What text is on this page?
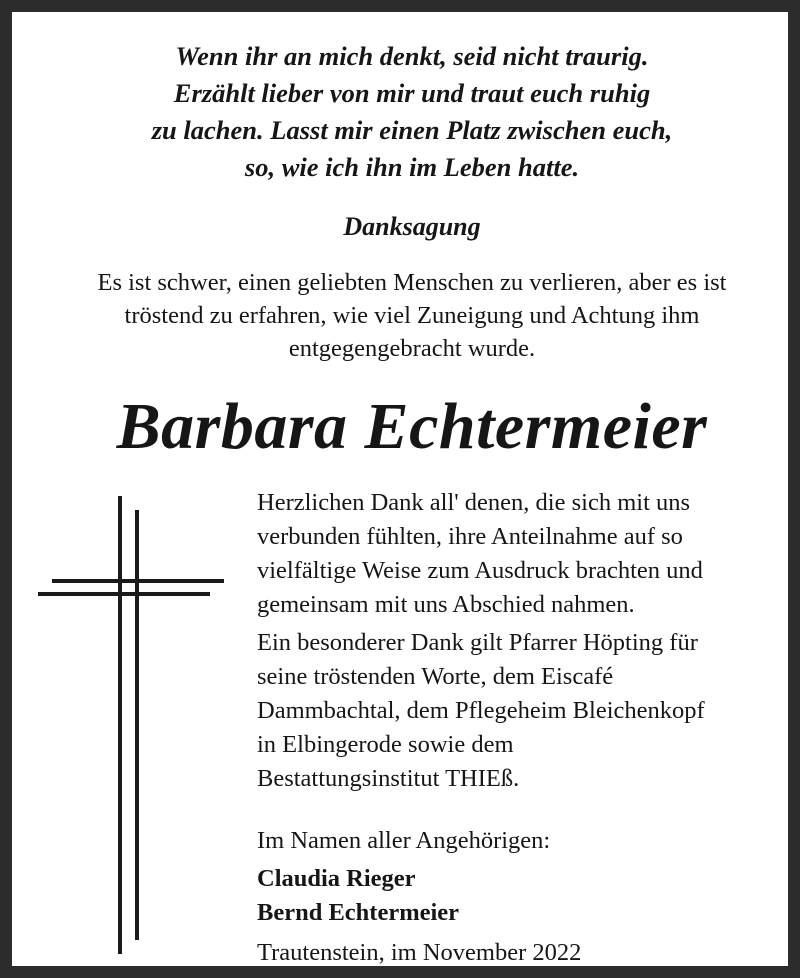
Wenn ihr an mich denkt, seid nicht traurig.
Erzählt lieber von mir und traut euch ruhig
zu lachen. Lasst mir einen Platz zwischen euch,
so, wie ich ihn im Leben hatte.
Danksagung
Es ist schwer, einen geliebten Menschen zu verlieren, aber es ist
tröstend zu erfahren, wie viel Zuneigung und Achtung ihm
entgegengebracht wurde.
Barbara Echtermeier
Herzlichen Dank all' denen, die sich mit uns
verbunden fühlten, ihre Anteilnahme auf so
vielfältige Weise zum Ausdruck brachten und
gemeinsam mit uns Abschied nahmen.
Ein besonderer Dank gilt Pfarrer Höpting für
seine tröstenden Worte, dem Eiscafé
Dammbachtal, dem Pflegeheim Bleichenkopf
in Elbingerode sowie dem
Bestattungsinstitut THIEß.
Im Namen aller Angehörigen:
Claudia Rieger
Bernd Echtermeier
Trautenstein, im November 2022
